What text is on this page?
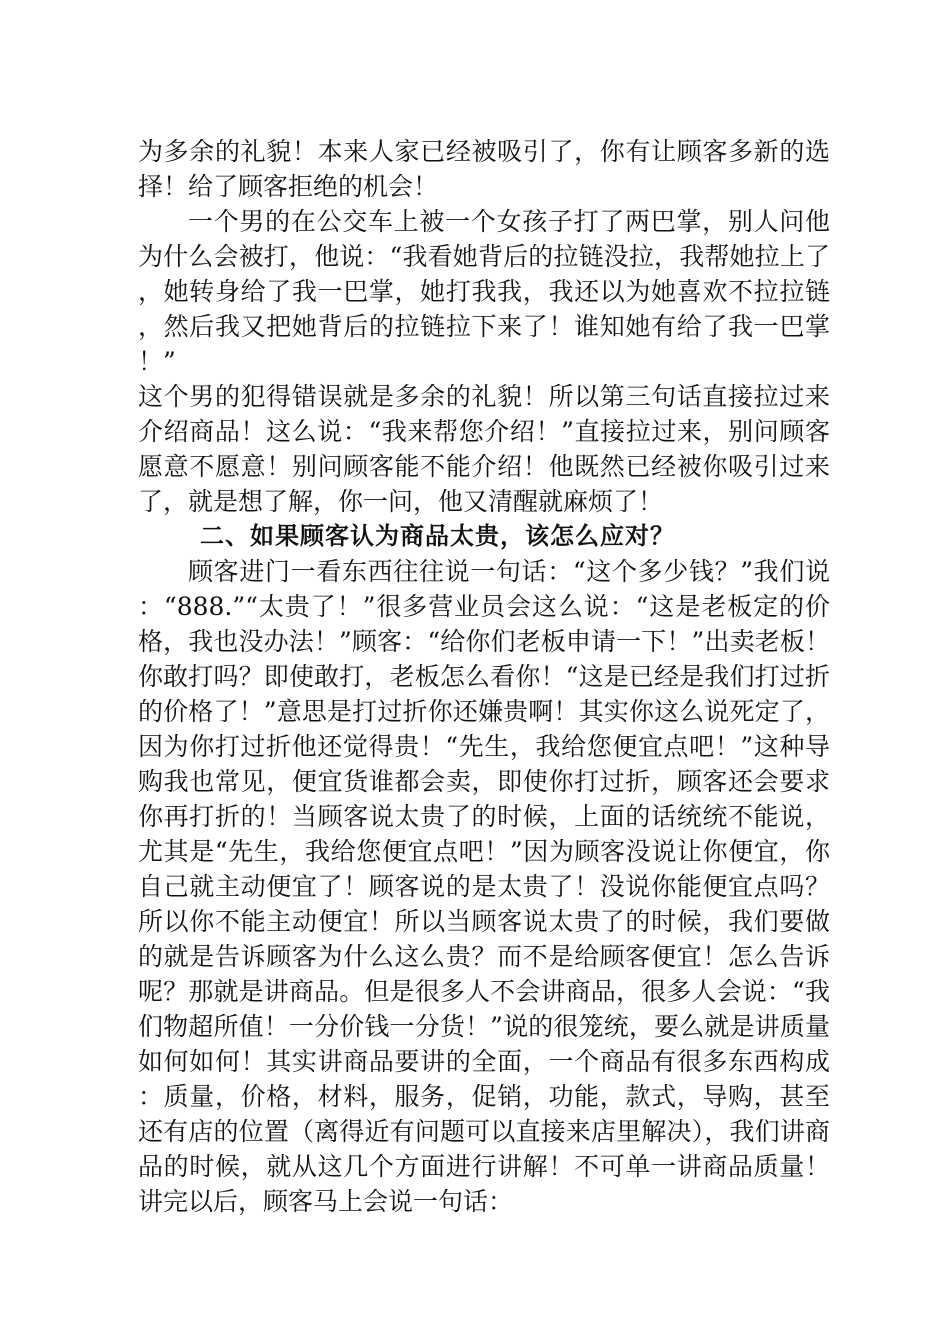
为多余的礼貌！本来人家已经被吸引了，你有让顾客多新的选择！给了顾客拒绝的机会！

一个男的在公交车上被一个女孩子打了两巴掌，别人问他为什么会被打，他说：“我看她背后的拉链没拉，我帮她拉上了，她转身给了我一巴掌，她打我我，我还以为她喜欢不拉拉链，然后我又把她背后的拉链拉下来了！谁知她有给了我一巴掌！”

这个男的犯得错误就是多余的礼貌！所以第三句话直接拉过来介绍商品！这么说：“我来帮您介绍！”直接拉过来，别问顾客愿意不愿意！别问顾客能不能介绍！他既然已经被你吸引过来了，就是想了解，你一问，他又清醒就麻烦了！

二、如果顾客认为商品太贵，该怎么应对？

顾客进门一看东西往往说一句话：“这个多少钱？”我们说：“888.”“太贵了！”很多营业员会这么说：“这是老板定的价格，我也没办法！”顾客：“给你们老板申请一下！”出卖老板！你敢打吗？即使敢打，老板怎么看你！“这是已经是我们打过折的价格了！”意思是打过折你还嫌贵啊！其实你这么说死定了，因为你打过折他还觉得贵！“先生，我给您便宜点吧！”这种导购我也常见，便宜货谁都会卖，即使你打过折，顾客还会要求你再打折的！当顾客说太贵了的时候，上面的话统统不能说，尤其是“先生，我给您便宜点吧！”因为顾客没说让你便宜，你自己就主动便宜了！顾客说的是太贵了！没说你能便宜点吗？所以你不能主动便宜！所以当顾客说太贵了的时候，我们要做的就是告诉顾客为什么这么贵？而不是给顾客便宜！怎么告诉呢？那就是讲商品。但是很多人不会讲商品，很多人会说：“我们物超所值！一分价钱一分货！”说的很笼统，要么就是讲质量如何如何！其实讲商品要讲的全面，一个商品有很多东西构成：质量，价格，材料，服务，促销，功能，款式，导购，甚至还有店的位置（离得近有问题可以直接来店里解决），我们讲商品的时候，就从这几个方面进行讲解！不可单一讲商品质量！讲完以后，顾客马上会说一句话：
